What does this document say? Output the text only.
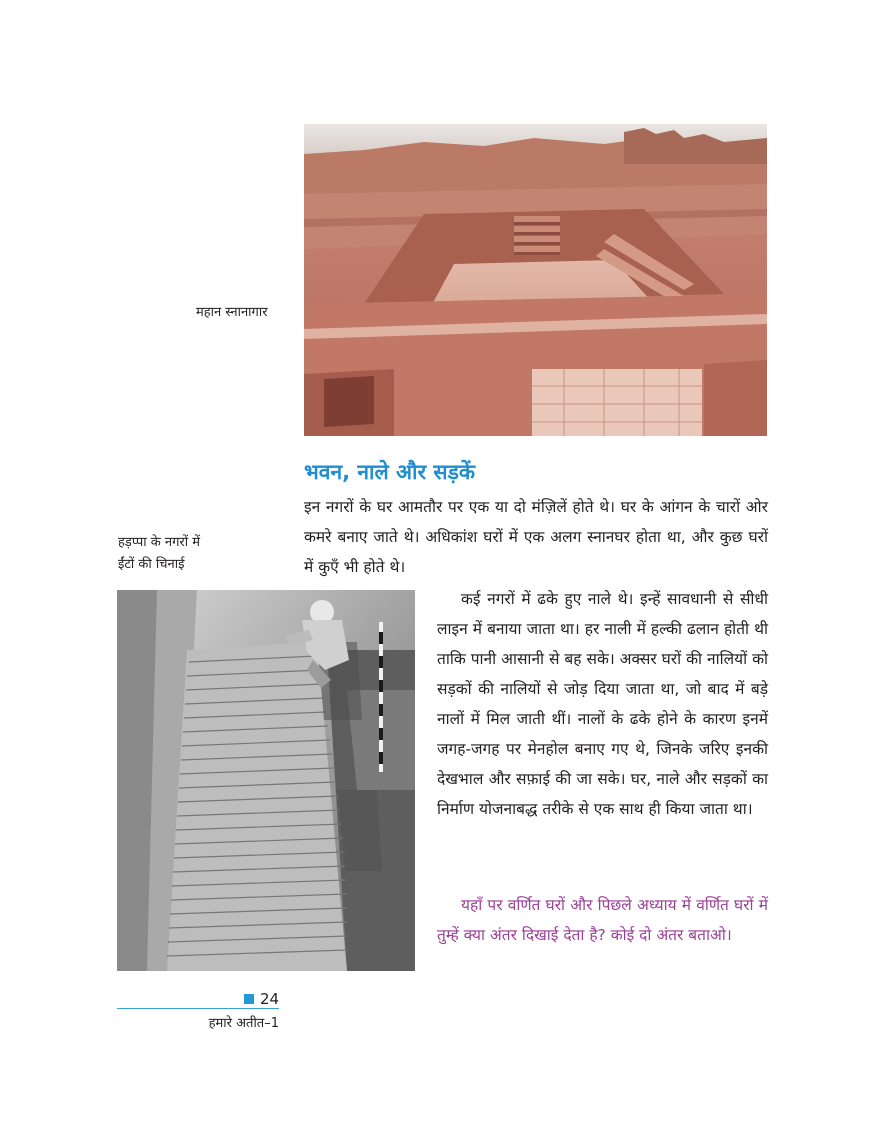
महान स्नानागार
भवन, नाले और सड़कें
हड़प्पा के नगरों में
ईंटों की चिनाई

इन नगरों के घर आमतौर पर एक या दो मंज़िलें होते थे। घर के आंगन के चारों ओर कमरे बनाए जाते थे। अधिकांश घरों में एक अलग स्नानघर होता था, और कुछ घरों में कुएँ भी होते थे।

कई नगरों में ढके हुए नाले थे। इन्हें सावधानी से सीधी लाइन में बनाया जाता था। हर नाली में हल्की ढलान होती थी ताकि पानी आसानी से बह सके। अक्सर घरों की नालियों को सड़कों की नालियों से जोड़ दिया जाता था, जो बाद में बड़े नालों में मिल जाती थीं। नालों के ढके होने के कारण इनमें जगह-जगह पर मेनहोल बनाए गए थे, जिनके जरिए इनकी देखभाल और सफ़ाई की जा सके। घर, नाले और सड़कों का निर्माण योजनाबद्ध तरीके से एक साथ ही किया जाता था।

यहाँ पर वर्णित घरों और पिछले अध्याय में वर्णित घरों में तुम्हें क्या अंतर दिखाई देता है? कोई दो अंतर बताओ।

24
हमारे अतीत–1
